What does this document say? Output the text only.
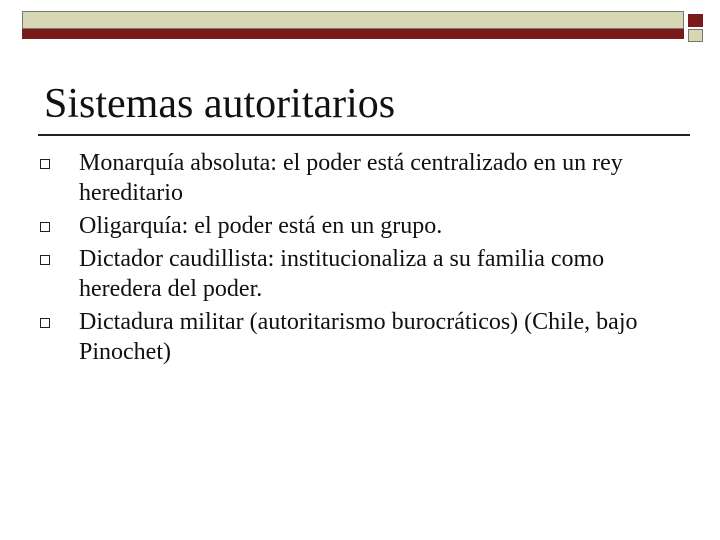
Sistemas autoritarios
Monarquía absoluta: el poder está centralizado en un rey hereditario
Oligarquía: el poder está en un grupo.
Dictador caudillista: institucionaliza a su familia como heredera del poder.
Dictadura militar (autoritarismo burocráticos) (Chile, bajo Pinochet)
